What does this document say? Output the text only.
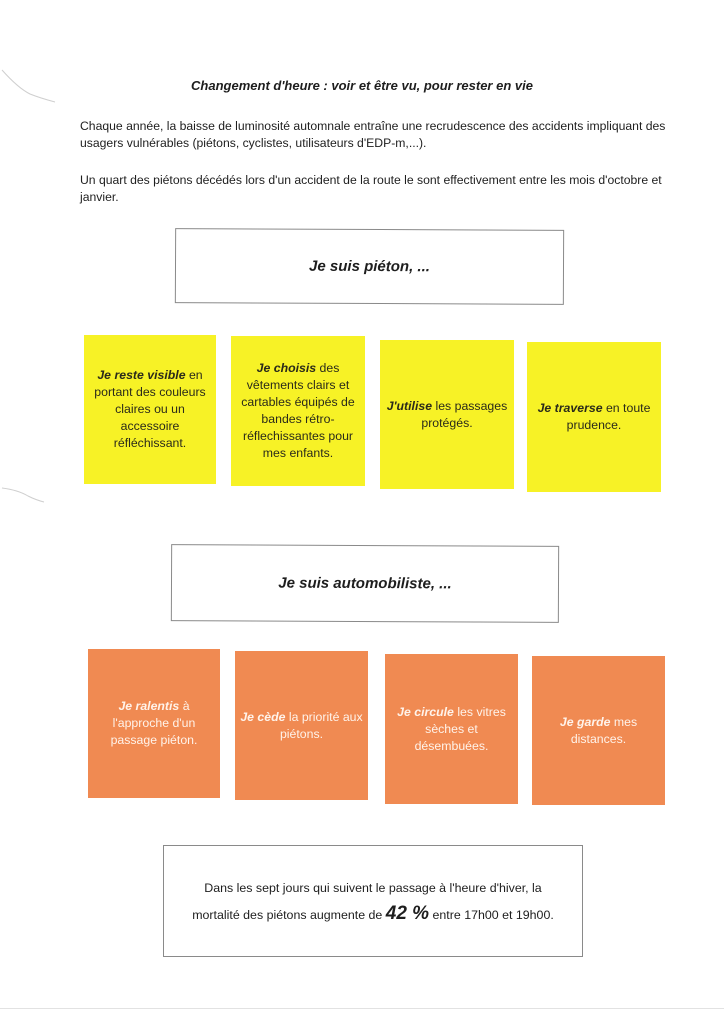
Changement d'heure : voir et être vu, pour rester en vie
Chaque année, la baisse de luminosité automnale entraîne une recrudescence des accidents impliquant des usagers vulnérables (piétons, cyclistes, utilisateurs d'EDP-m,...).
Un quart des piétons décédés lors d'un accident de la route le sont effectivement entre les mois d'octobre et janvier.
Je suis piéton, ...
Je reste visible en portant des couleurs claires ou un accessoire réfléchissant.
Je choisis des vêtements clairs et cartables équipés de bandes rétro-réflechissantes pour mes enfants.
J'utilise les passages protégés.
Je traverse en toute prudence.
Je suis automobiliste, ...
Je ralentis à l'approche d'un passage piéton.
Je cède la priorité aux piétons.
Je circule les vitres sèches et désembuées.
Je garde mes distances.
Dans les sept jours qui suivent le passage à l'heure d'hiver, la
mortalité des piétons augmente de 42 % entre 17h00 et 19h00.
